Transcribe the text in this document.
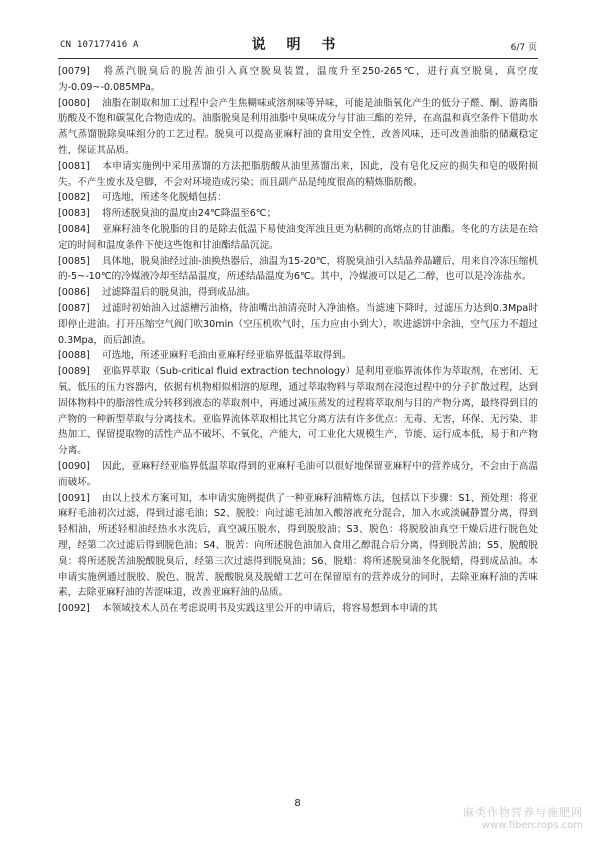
CN 107177416 A	说 明 书	6/7 页

[0079] 将蒸汽脱臭后的脱苦油引入真空脱臭装置，温度升至250-265℃，进行真空脱臭，真空度为-0.09~-0.085MPa。

[0080] 油脂在制取和加工过程中会产生焦糊味或溶剂味等异味，可能是油脂氧化产生的低分子醛、酮、游离脂肪酸及不饱和碳氢化合物造成的。油脂脱臭是利用油脂中臭味成分与甘油三酯的差异，在高温和真空条件下借助水蒸气蒸馏脱除臭味组分的工艺过程。脱臭可以提高亚麻籽油的食用安全性，改善风味，还可改善油脂的储藏稳定性，保证其品质。

[0081] 本申请实施例中采用蒸馏的方法把脂肪酸从油里蒸馏出来，因此，没有皂化反应的损失和皂的吸附损失。不产生废水及皂脚，不会对环境造成污染；而且副产品是纯度很高的精炼脂肪酸。

[0082] 可选地，所述冬化脱蜡包括：

[0083] 将所述脱臭油的温度由24℃降温至6℃；

[0084] 亚麻籽油冬化脱脂的目的是除去低温下易使油变浑浊且更为粘稠的高熔点的甘油酯。冬化的方法是在给定的时间和温度条件下使这些饱和甘油酯结晶沉淀。

[0085] 具体地，脱臭油经过油-油换热器后，油温为15-20℃，将脱臭油引入结晶养晶罐后，用来自冷冻压缩机的-5~-10℃的冷媒液冷却至结晶温度，所述结晶温度为6℃。其中，冷媒液可以是乙二醇，也可以是冷冻盐水。

[0086] 过滤降温后的脱臭油，得到成品油。

[0087] 过滤时初始油入过滤槽污油格，待油嘴出油清亮时入净油格。当滤速下降时，过滤压力达到0.3Mpa时即停止进油。打开压缩空气阀门吹30min（空压机吹气时，压力应由小到大），吹进滤饼中余油，空气压力不超过0.3Mpa，而后卸渣。

[0088] 可选地，所述亚麻籽毛油由亚麻籽经亚临界低温萃取得到。

[0089] 亚临界萃取（Sub-critical fluid extraction technology）是利用亚临界流体作为萃取剂，在密闭、无氧、低压的压力容器内，依据有机物相似相溶的原理，通过萃取物料与萃取剂在浸泡过程中的分子扩散过程，达到固体物料中的脂溶性成分转移到液态的萃取剂中，再通过减压蒸发的过程将萃取剂与目的产物分离，最终得到目的产物的一种新型萃取与分离技术。亚临界流体萃取相比其它分离方法有许多优点：无毒、无害，环保、无污染、非热加工、保留提取物的活性产品不破坏、不氧化，产能大，可工业化大规模生产，节能、运行成本低，易于和产物分离。

[0090] 因此，亚麻籽经亚临界低温萃取得到的亚麻籽毛油可以很好地保留亚麻籽中的营养成分，不会由于高温而破坏。

[0091] 由以上技术方案可知，本申请实施例提供了一种亚麻籽油精炼方法，包括以下步骤：S1、预处理：将亚麻籽毛油初次过滤，得到过滤毛油；S2、脱胶：向过滤毛油加入酸溶液充分混合，加入水或淡碱静置分离，得到轻相油，所述轻相油经热水水洗后，真空减压脱水，得到脱胶油；S3、脱色：将脱胶油真空干燥后进行脱色处理，经第二次过滤后得到脱色油；S4、脱苦：向所述脱色油加入食用乙醇混合后分离，得到脱苦油；S5、脱酸脱臭：将所述脱苦油脱酸脱臭后，经第三次过滤得到脱臭油；S6、脱蜡：将所述脱臭油冬化脱蜡，得到成品油。本申请实施例通过脱胶、脱色、脱苦、脱酸脱臭及脱蜡工艺可在保留原有的营养成分的同时，去除亚麻籽油的苦味素，去除亚麻籽油的苦涩味道，改善亚麻籽油的品质。

[0092] 本领域技术人员在考虑说明书及实践这里公开的申请后，将容易想到本申请的其

8
麻类作物营养与施肥网
www.fibercrops.com
